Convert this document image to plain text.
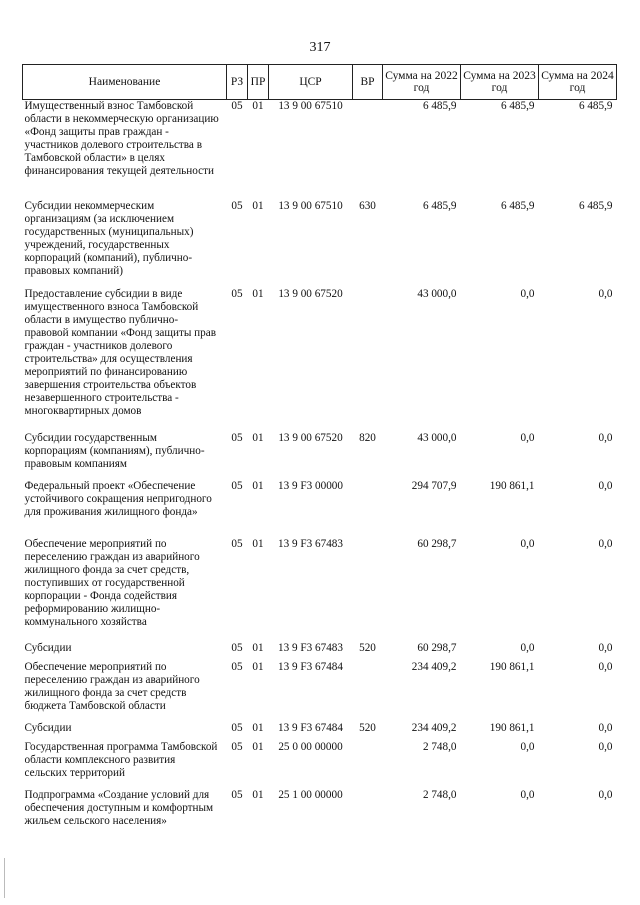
317
Наименование	РЗ	ПР	ЦСР	ВР	Сумма на 2022 год	Сумма на 2023 год	Сумма на 2024 год
Имущественный взнос Тамбовской области в некоммерческую организацию «Фонд защиты прав граждан - участников долевого строительства в Тамбовской области» в целях финансирования текущей деятельности	05	01	13 9 00 67510		6 485,9	6 485,9	6 485,9
Субсидии некоммерческим организациям (за исключением государственных (муниципальных) учреждений, государственных корпораций (компаний), публично-правовых компаний)	05	01	13 9 00 67510	630	6 485,9	6 485,9	6 485,9
Предоставление субсидии в виде имущественного взноса Тамбовской области в имущество публично-правовой компании «Фонд защиты прав граждан - участников долевого строительства» для осуществления мероприятий по финансированию завершения строительства объектов незавершенного строительства - многоквартирных домов	05	01	13 9 00 67520		43 000,0	0,0	0,0
Субсидии государственным корпорациям (компаниям), публично-правовым компаниям	05	01	13 9 00 67520	820	43 000,0	0,0	0,0
Федеральный проект «Обеспечение устойчивого сокращения непригодного для проживания жилищного фонда»	05	01	13 9 F3 00000		294 707,9	190 861,1	0,0
Обеспечение мероприятий по переселению граждан из аварийного жилищного фонда за счет средств, поступивших от государственной корпорации - Фонда содействия реформированию жилищно-коммунального хозяйства	05	01	13 9 F3 67483		60 298,7	0,0	0,0
Субсидии	05	01	13 9 F3 67483	520	60 298,7	0,0	0,0
Обеспечение мероприятий по переселению граждан из аварийного жилищного фонда за счет средств бюджета Тамбовской области	05	01	13 9 F3 67484		234 409,2	190 861,1	0,0
Субсидии	05	01	13 9 F3 67484	520	234 409,2	190 861,1	0,0
Государственная программа Тамбовской области комплексного развития сельских территорий	05	01	25 0 00 00000		2 748,0	0,0	0,0
Подпрограмма «Создание условий для обеспечения доступным и комфортным жильем сельского населения»	05	01	25 1 00 00000		2 748,0	0,0	0,0
